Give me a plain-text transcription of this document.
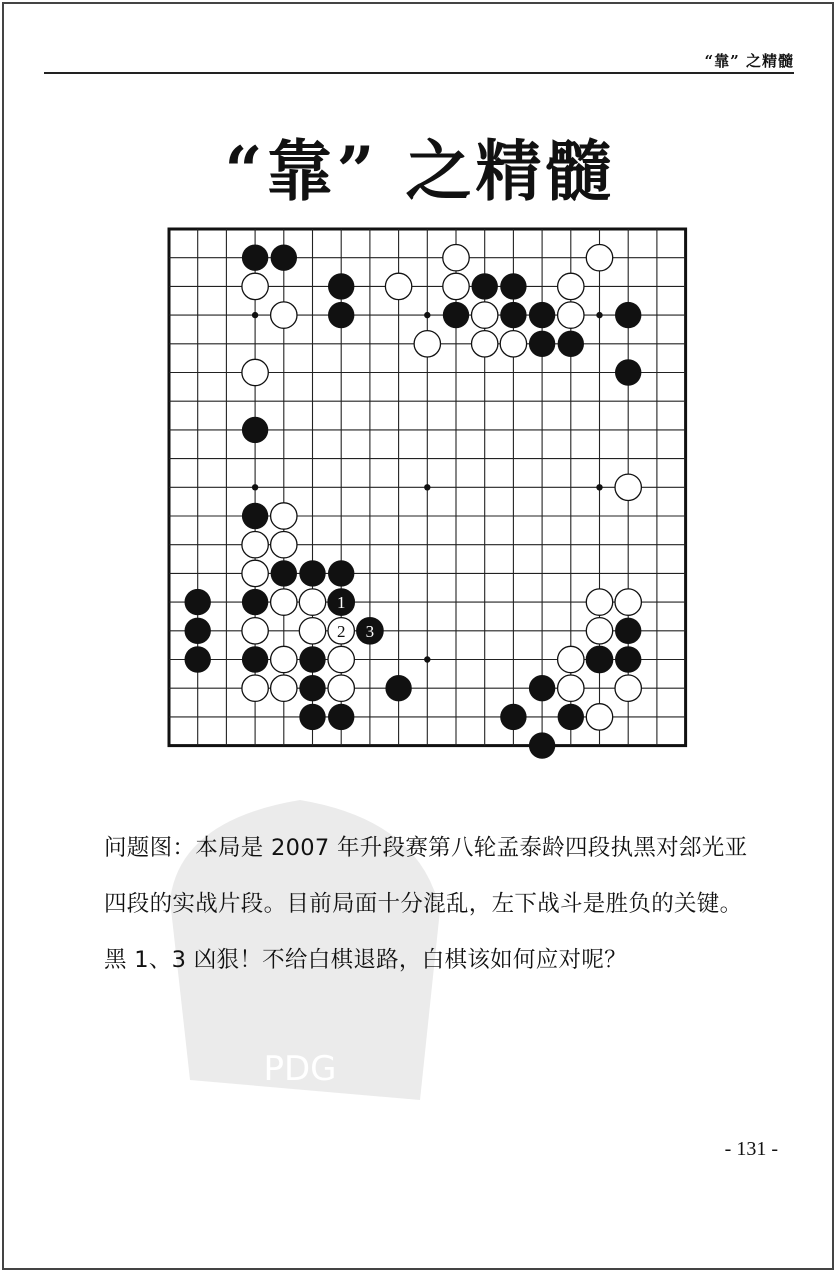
“靠” 之精髓
“靠” 之精髓
1
2 3
PDG
问题图：本局是 2007 年升段赛第八轮孟泰龄四段执黑对郐光亚四段的实战片段。目前局面十分混乱，左下战斗是胜负的关键。黑 1、3 凶狠！不给白棋退路，白棋该如何应对呢？
- 131 -
